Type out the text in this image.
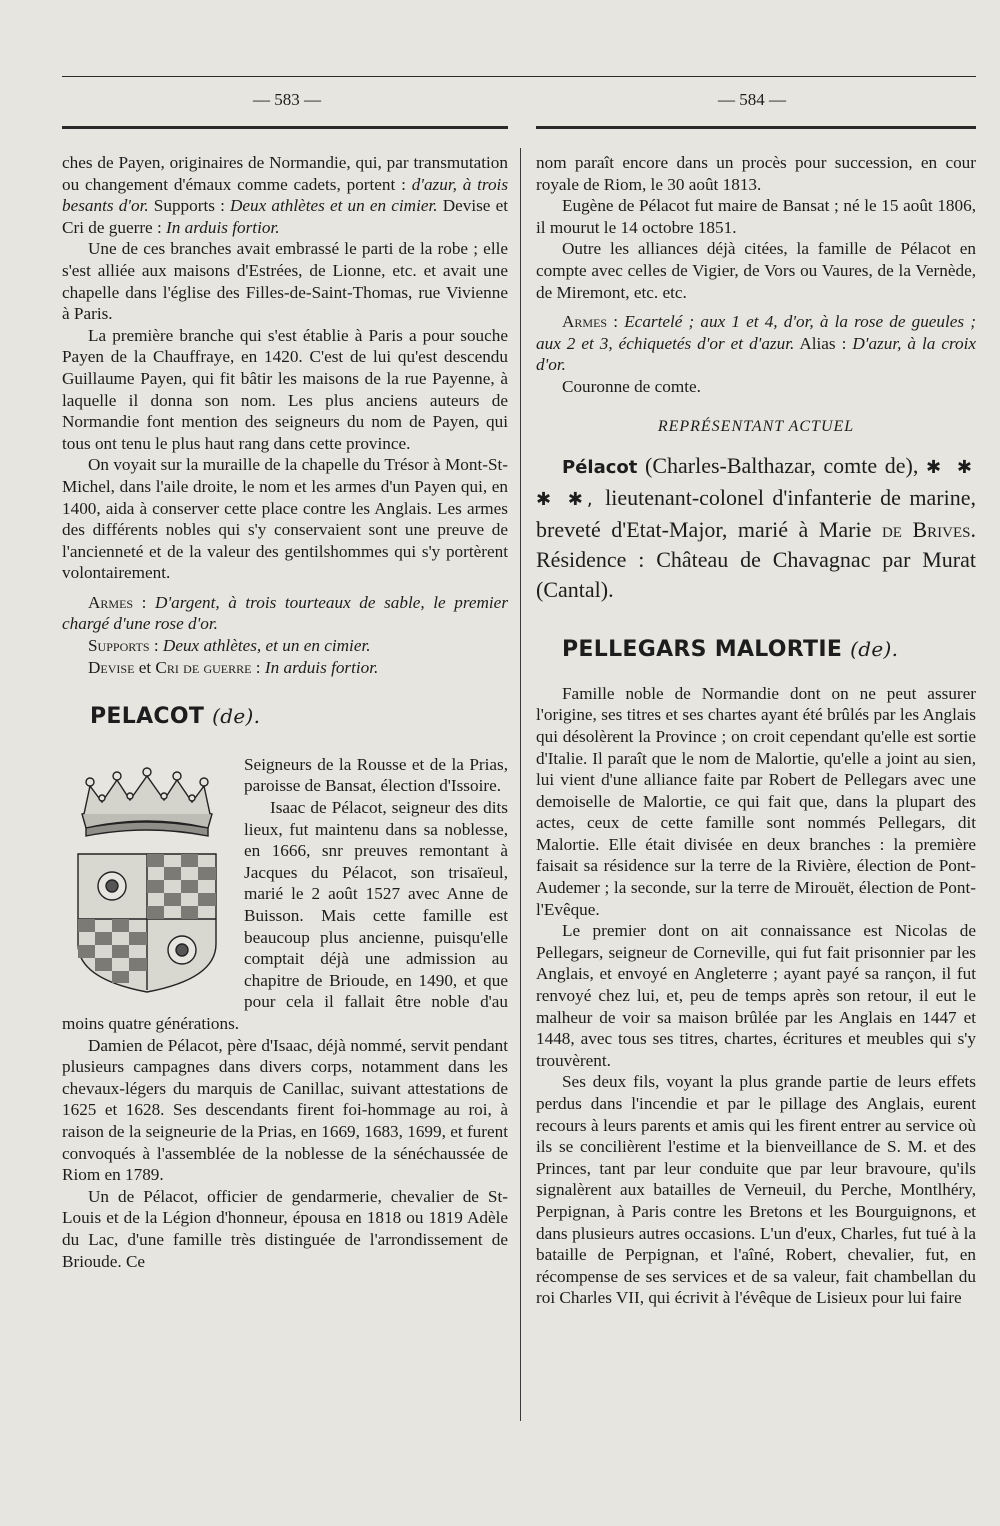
— 583 —	— 584 —

ches de Payen, originaires de Normandie, qui, par transmutation ou changement d'émaux comme cadets, portent : d'azur, à trois besants d'or. Supports : Deux athlètes et un en cimier. Devise et Cri de guerre : In arduis fortior.

Une de ces branches avait embrassé le parti de la robe ; elle s'est alliée aux maisons d'Estrées, de Lionne, etc. et avait une chapelle dans l'église des Filles-de-Saint-Thomas, rue Vivienne à Paris.

La première branche qui s'est établie à Paris a pour souche Payen de la Chauffraye, en 1420. C'est de lui qu'est descendu Guillaume Payen, qui fit bâtir les maisons de la rue Payenne, à laquelle il donna son nom. Les plus anciens auteurs de Normandie font mention des seigneurs du nom de Payen, qui tous ont tenu le plus haut rang dans cette province.

On voyait sur la muraille de la chapelle du Trésor à Mont-St-Michel, dans l'aile droite, le nom et les armes d'un Payen qui, en 1400, aida à conserver cette place contre les Anglais. Les armes des différents nobles qui s'y conservaient sont une preuve de l'ancienneté et de la valeur des gentilshommes qui s'y portèrent volontairement.

Armes : D'argent, à trois tourteaux de sable, le premier chargé d'une rose d'or.

Supports : Deux athlètes, et un en cimier.

Devise et Cri de guerre : In arduis fortior.

PELACOT (de).

Seigneurs de la Rousse et de la Prias, paroisse de Bansat, élection d'Issoire.

Isaac de Pélacot, seigneur des dits lieux, fut maintenu dans sa noblesse, en 1666, snr preuves remontant à Jacques du Pélacot, son trisaïeul, marié le 2 août 1527 avec Anne de Buisson. Mais cette famille est beaucoup plus ancienne, puisqu'elle comptait déjà une admission au chapitre de Brioude, en 1490, et que pour cela il fallait être noble d'au moins quatre générations.

Damien de Pélacot, père d'Isaac, déjà nommé, servit pendant plusieurs campagnes dans divers corps, notamment dans les chevaux-légers du marquis de Canillac, suivant attestations de 1625 et 1628. Ses descendants firent foi-hommage au roi, à raison de la seigneurie de la Prias, en 1669, 1683, 1699, et furent convoqués à l'assemblée de la noblesse de la sénéchaussée de Riom en 1789.

Un de Pélacot, officier de gendarmerie, chevalier de St-Louis et de la Légion d'honneur, épousa en 1818 ou 1819 Adèle du Lac, d'une famille très distinguée de l'arrondissement de Brioude. Ce

nom paraît encore dans un procès pour succession, en cour royale de Riom, le 30 août 1813.

Eugène de Pélacot fut maire de Bansat ; né le 15 août 1806, il mourut le 14 octobre 1851.

Outre les alliances déjà citées, la famille de Pélacot en compte avec celles de Vigier, de Vors ou Vaures, de la Vernède, de Miremont, etc. etc.

Armes : Ecartelé ; aux 1 et 4, d'or, à la rose de gueules ; aux 2 et 3, échiquetés d'or et d'azur. Alias : D'azur, à la croix d'or.

Couronne de comte.

REPRÉSENTANT ACTUEL
Pélacot (Charles-Balthazar, comte de), ✱ ✱ ✱ ✱, lieutenant-colonel d'infanterie de marine, breveté d'Etat-Major, marié à Marie de Brives. Résidence : Château de Chavagnac par Murat (Cantal).
PELLEGARS MALORTIE (de).

Famille noble de Normandie dont on ne peut assurer l'origine, ses titres et ses chartes ayant été brûlés par les Anglais qui désolèrent la Province ; on croit cependant qu'elle est sortie d'Italie. Il paraît que le nom de Malortie, qu'elle a joint au sien, lui vient d'une alliance faite par Robert de Pellegars avec une demoiselle de Malortie, ce qui fait que, dans la plupart des actes, ceux de cette famille sont nommés Pellegars, dit Malortie. Elle était divisée en deux branches : la première faisait sa résidence sur la terre de la Rivière, élection de Pont-Audemer ; la seconde, sur la terre de Mirouët, élection de Pont-l'Evêque.

Le premier dont on ait connaissance est Nicolas de Pellegars, seigneur de Corneville, qui fut fait prisonnier par les Anglais, et envoyé en Angleterre ; ayant payé sa rançon, il fut renvoyé chez lui, et, peu de temps après son retour, il eut le malheur de voir sa maison brûlée par les Anglais en 1447 et 1448, avec tous ses titres, chartes, écritures et meubles qui s'y trouvèrent.

Ses deux fils, voyant la plus grande partie de leurs effets perdus dans l'incendie et par le pillage des Anglais, eurent recours à leurs parents et amis qui les firent entrer au service où ils se concilièrent l'estime et la bienveillance de S. M. et des Princes, tant par leur conduite que par leur bravoure, qu'ils signalèrent aux batailles de Verneuil, du Perche, Montlhéry, Perpignan, à Paris contre les Bretons et les Bourguignons, et dans plusieurs autres occasions. L'un d'eux, Charles, fut tué à la bataille de Perpignan, et l'aîné, Robert, chevalier, fut, en récompense de ses services et de sa valeur, fait chambellan du roi Charles VII, qui écrivit à l'évêque de Lisieux pour lui faire
